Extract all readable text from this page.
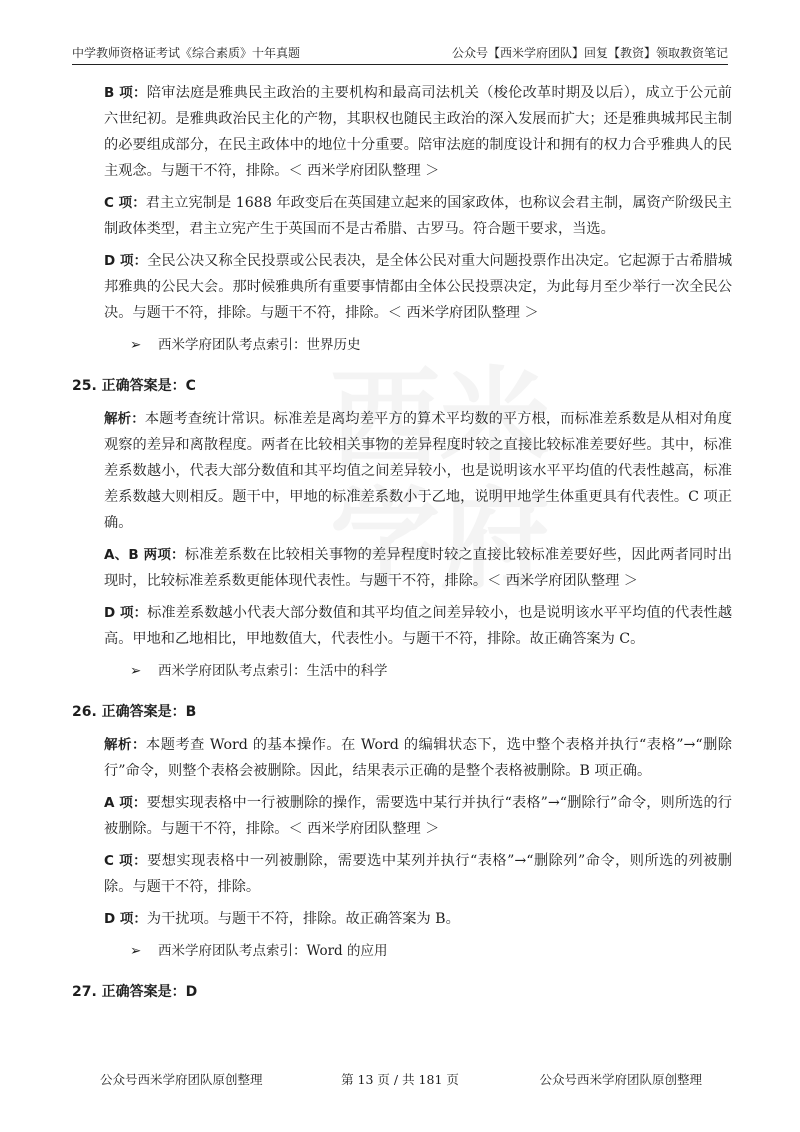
中学教师资格证考试《综合素质》十年真题	公众号【西米学府团队】回复【教资】领取教资笔记

B 项：陪审法庭是雅典民主政治的主要机构和最高司法机关（梭伦改革时期及以后），成立于公元前六世纪初。是雅典政治民主化的产物，其职权也随民主政治的深入发展而扩大；还是雅典城邦民主制的必要组成部分，在民主政体中的地位十分重要。陪审法庭的制度设计和拥有的权力合乎雅典人的民主观念。与题干不符，排除。＜ 西米学府团队整理 ＞

C 项：君主立宪制是 1688 年政变后在英国建立起来的国家政体，也称议会君主制，属资产阶级民主制政体类型，君主立宪产生于英国而不是古希腊、古罗马。符合题干要求，当选。

D 项：全民公决又称全民投票或公民表决，是全体公民对重大问题投票作出决定。它起源于古希腊城邦雅典的公民大会。那时候雅典所有重要事情都由全体公民投票决定，为此每月至少举行一次全民公决。与题干不符，排除。与题干不符，排除。＜ 西米学府团队整理 ＞

➢ 西米学府团队考点索引：世界历史
25. 正确答案是：C

解析：本题考查统计常识。标准差是离均差平方的算术平均数的平方根，而标准差系数是从相对角度观察的差异和离散程度。两者在比较相关事物的差异程度时较之直接比较标准差要好些。其中，标准差系数越小，代表大部分数值和其平均值之间差异较小，也是说明该水平平均值的代表性越高，标准差系数越大则相反。题干中，甲地的标准差系数小于乙地，说明甲地学生体重更具有代表性。C 项正确。

A、B 两项：标准差系数在比较相关事物的差异程度时较之直接比较标准差要好些，因此两者同时出现时，比较标准差系数更能体现代表性。与题干不符，排除。＜ 西米学府团队整理 ＞

D 项：标准差系数越小代表大部分数值和其平均值之间差异较小，也是说明该水平平均值的代表性越高。甲地和乙地相比，甲地数值大，代表性小。与题干不符，排除。故正确答案为 C。

➢ 西米学府团队考点索引：生活中的科学
26. 正确答案是：B

解析：本题考查 Word 的基本操作。在 Word 的编辑状态下，选中整个表格并执行“表格”→“删除行”命令，则整个表格会被删除。因此，结果表示正确的是整个表格被删除。B 项正确。

A 项：要想实现表格中一行被删除的操作，需要选中某行并执行“表格”→“删除行”命令，则所选的行被删除。与题干不符，排除。＜ 西米学府团队整理 ＞

C 项：要想实现表格中一列被删除，需要选中某列并执行“表格”→“删除列”命令，则所选的列被删除。与题干不符，排除。

D 项：为干扰项。与题干不符，排除。故正确答案为 B。

➢ 西米学府团队考点索引：Word 的应用
27. 正确答案是：D
公众号西米学府团队原创整理	第 13 页 / 共 181 页	公众号西米学府团队原创整理
